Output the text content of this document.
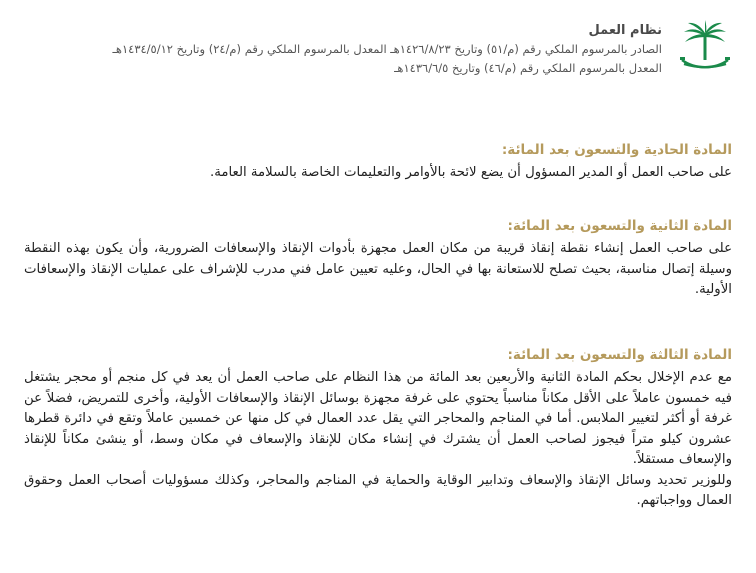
نظام العمل

الصادر بالمرسوم الملكي رقم (م/٥١) وتاريخ ١٤٢٦/٨/٢٣هـ المعدل بالمرسوم الملكي رقم (م/٢٤) وتاريخ ١٤٣٤/٥/١٢هـ

المعدل بالمرسوم الملكي رقم (م/٤٦) وتاريخ ١٤٣٦/٦/٥هـ

المادة الحادية والتسعون بعد المائة:

على صاحب العمل أو المدير المسؤول أن يضع لائحة بالأوامر والتعليمات الخاصة بالسلامة العامة.

المادة الثانية والتسعون بعد المائة:

على صاحب العمل إنشاء نقطة إنقاذ قريبة من مكان العمل مجهزة بأدوات الإنقاذ والإسعافات الضرورية، وأن يكون بهذه النقطة وسيلة إتصال مناسبة، بحيث تصلح للاستعانة بها في الحال، وعليه تعيين عامل فني مدرب للإشراف على عمليات الإنقاذ والإسعافات الأولية.

المادة الثالثة والتسعون بعد المائة:

مع عدم الإخلال بحكم المادة الثانية والأربعين بعد المائة من هذا النظام على صاحب العمل أن يعد في كل منجم أو محجر يشتغل فيه خمسون عاملاً على الأقل مكاناً مناسباً يحتوي على غرفة مجهزة بوسائل الإنقاذ والإسعافات الأولية، وأخرى للتمريض، فضلاً عن غرفة أو أكثر لتغيير الملابس. أما في المناجم والمحاجر التي يقل عدد العمال في كل منها عن خمسين عاملاً وتقع في دائرة قطرها عشرون كيلو متراً فيجوز لصاحب العمل أن يشترك في إنشاء مكان للإنقاذ والإسعاف في مكان وسط، أو ينشئ مكاناً للإنقاذ والإسعاف مستقلاً.

وللوزير تحديد وسائل الإنقاذ والإسعاف وتدابير الوقاية والحماية في المناجم والمحاجر، وكذلك مسؤوليات أصحاب العمل وحقوق العمال وواجباتهم.
